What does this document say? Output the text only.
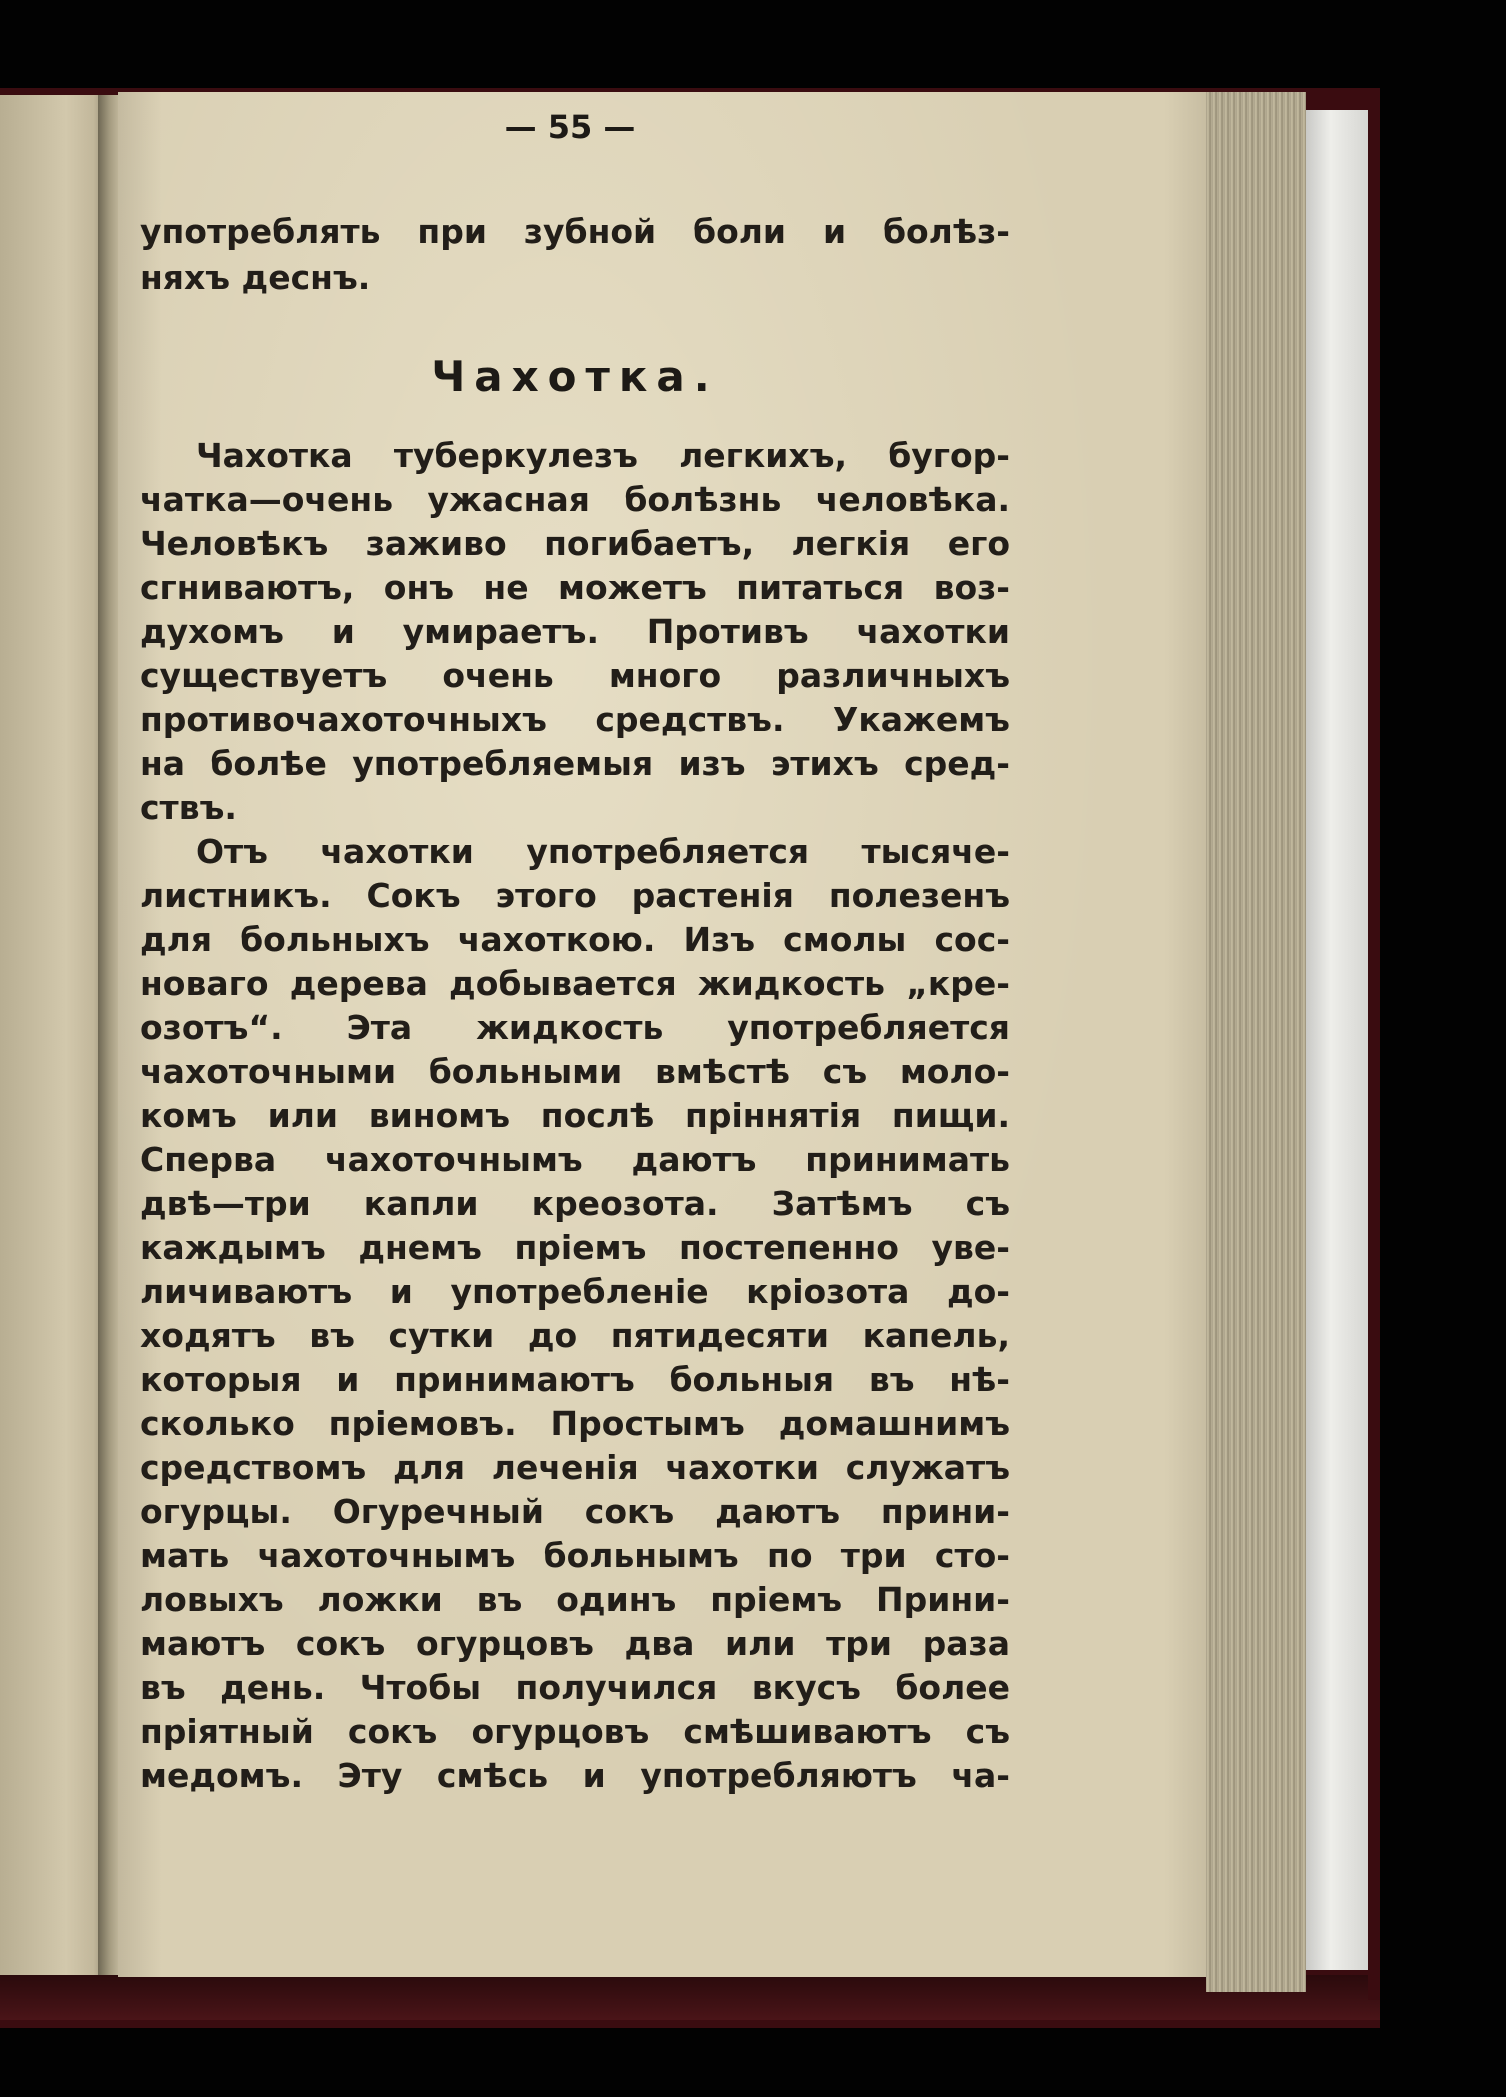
— 55 —
употреблять при зубной боли и болѣз-
няхъ деснъ.
Чахотка.
Чахотка туберкулезъ легкихъ, бугор-
чатка—очень ужасная болѣзнь человѣка.
Человѣкъ заживо погибаетъ, легкія его
сгниваютъ, онъ не можетъ питаться воз-
духомъ и умираетъ. Противъ чахотки
существуетъ очень много различныхъ
противочахоточныхъ средствъ. Укажемъ
на болѣе употребляемыя изъ этихъ сред-
ствъ.
Отъ чахотки употребляется тысяче-
листникъ. Сокъ этого растенія полезенъ
для больныхъ чахоткою. Изъ смолы сос-
новаго дерева добывается жидкость „кре-
озотъ“. Эта жидкость употребляется
чахоточными больными вмѣстѣ съ моло-
комъ или виномъ послѣ пріннятія пищи.
Сперва чахоточнымъ даютъ принимать
двѣ—три капли креозота. Затѣмъ съ
каждымъ днемъ пріемъ постепенно уве-
личиваютъ и употребленіе кріозота до-
ходятъ въ сутки до пятидесяти капель,
которыя и принимаютъ больныя въ нѣ-
сколько пріемовъ. Простымъ домашнимъ
средствомъ для леченія чахотки служатъ
огурцы. Огуречный сокъ даютъ прини-
мать чахоточнымъ больнымъ по три сто-
ловыхъ ложки въ одинъ пріемъ Прини-
маютъ сокъ огурцовъ два или три раза
въ день. Чтобы получился вкусъ более
пріятный сокъ огурцовъ смѣшиваютъ съ
медомъ. Эту смѣсь и употребляютъ ча-
